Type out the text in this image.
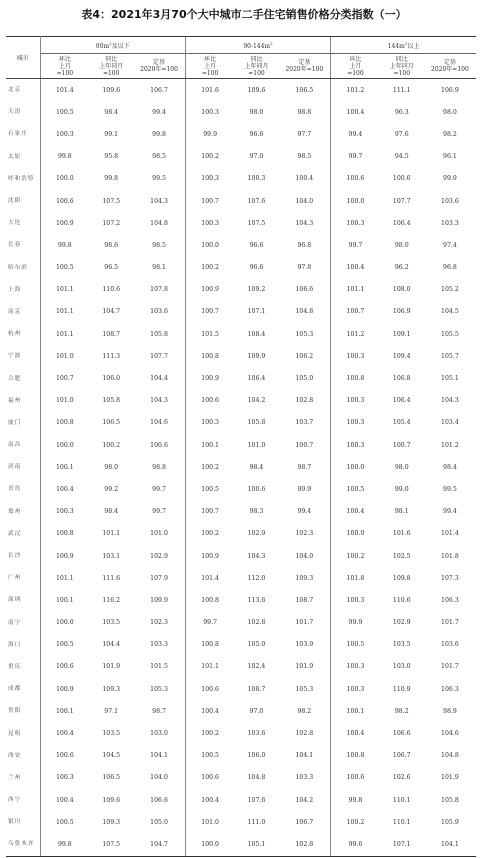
表4：2021年3月70个大中城市二手住宅销售价格分类指数（一）
城市	$90m^2$及以下			$90-144m^2$			$144m^2$以上		
	环比
上月
=100	同比
上年同月
=100	定基
2020年=100	环比
上月
=100	同比
上年同月
=100	定基
2020年=100	环比
上月
=100	同比
上年同月
=100	定基
2020年=100

北京	101.4	109.6	106.7	101.6	109.6	106.5	101.2	111.1	106.9
天津	100.5	98.4	99.4	100.3	98.0	98.8	100.4	96.3	98.0
石家庄	100.3	99.1	99.8	99.9	96.6	97.7	99.4	97.6	98.2
太原	99.8	95.8	98.5	100.2	97.0	98.5	99.7	94.5	96.1
呼和浩特	100.0	99.8	99.5	100.3	100.3	100.4	100.6	100.6	99.9
沈阳	100.6	107.5	104.3	100.7	107.6	104.0	100.0	107.7	103.6
大连	100.9	107.2	104.8	100.3	107.5	104.3	100.3	106.4	103.3
长春	99.8	98.6	98.5	100.0	96.6	96.8	99.7	98.0	97.4
哈尔滨	100.5	96.5	98.1	100.2	96.6	97.8	100.4	96.2	96.8
上海	101.1	110.6	107.8	100.9	109.2	106.6	101.1	108.0	105.2
南京	101.1	104.7	103.6	100.7	107.1	104.8	100.7	106.9	104.5
杭州	101.1	108.7	105.8	101.5	108.4	105.3	101.2	109.1	105.5
宁波	101.0	111.3	107.7	100.8	109.9	106.2	100.3	109.4	105.7
合肥	100.7	106.0	104.4	100.9	106.4	105.0	100.8	106.8	105.1
福州	101.0	105.8	104.3	100.6	104.2	102.8	100.3	106.4	104.3
厦门	100.8	106.5	104.6	100.3	105.8	103.7	100.3	105.4	103.4
南昌	100.0	100.2	100.6	100.1	101.0	100.7	100.3	100.7	101.2
济南	100.1	98.0	98.8	100.2	98.4	98.7	100.0	98.0	98.4
青岛	100.4	99.2	99.7	100.5	100.6	99.9	100.5	99.0	99.5
郑州	100.3	98.4	99.7	100.7	98.3	99.4	100.4	98.1	99.4
武汉	100.8	101.1	101.0	100.2	102.9	102.3	100.0	101.6	101.4
长沙	100.9	103.1	102.9	100.9	104.3	104.0	100.2	102.5	101.8
广州	101.1	111.6	107.9	101.4	112.0	109.3	101.8	109.8	107.3
深圳	100.1	116.2	109.9	100.8	113.6	108.7	100.3	110.6	106.3
南宁	100.0	103.5	102.3	99.7	102.8	101.7	99.9	102.9	101.7
海口	100.5	104.4	103.3	100.8	105.0	103.9	100.5	103.5	103.6
重庆	100.6	101.9	101.5	101.1	102.4	101.9	100.3	103.0	101.7
成都	100.9	109.3	105.3	100.6	108.7	105.3	100.3	110.9	106.3
贵阳	100.1	97.1	98.7	100.4	97.0	98.2	100.1	98.2	98.9
昆明	100.4	103.5	103.0	100.2	103.6	102.8	100.4	106.6	104.6
西安	100.6	104.5	104.1	100.5	106.0	104.1	100.8	106.7	104.8
兰州	100.3	106.5	104.0	100.6	104.8	103.3	100.6	102.6	101.9
西宁	100.4	109.6	106.6	100.4	107.6	104.2	99.8	110.1	105.8
银川	100.5	109.3	105.0	101.0	111.0	106.7	100.2	110.1	105.9
乌鲁木齐	99.8	107.5	104.7	100.0	105.1	102.8	99.6	107.1	104.1
